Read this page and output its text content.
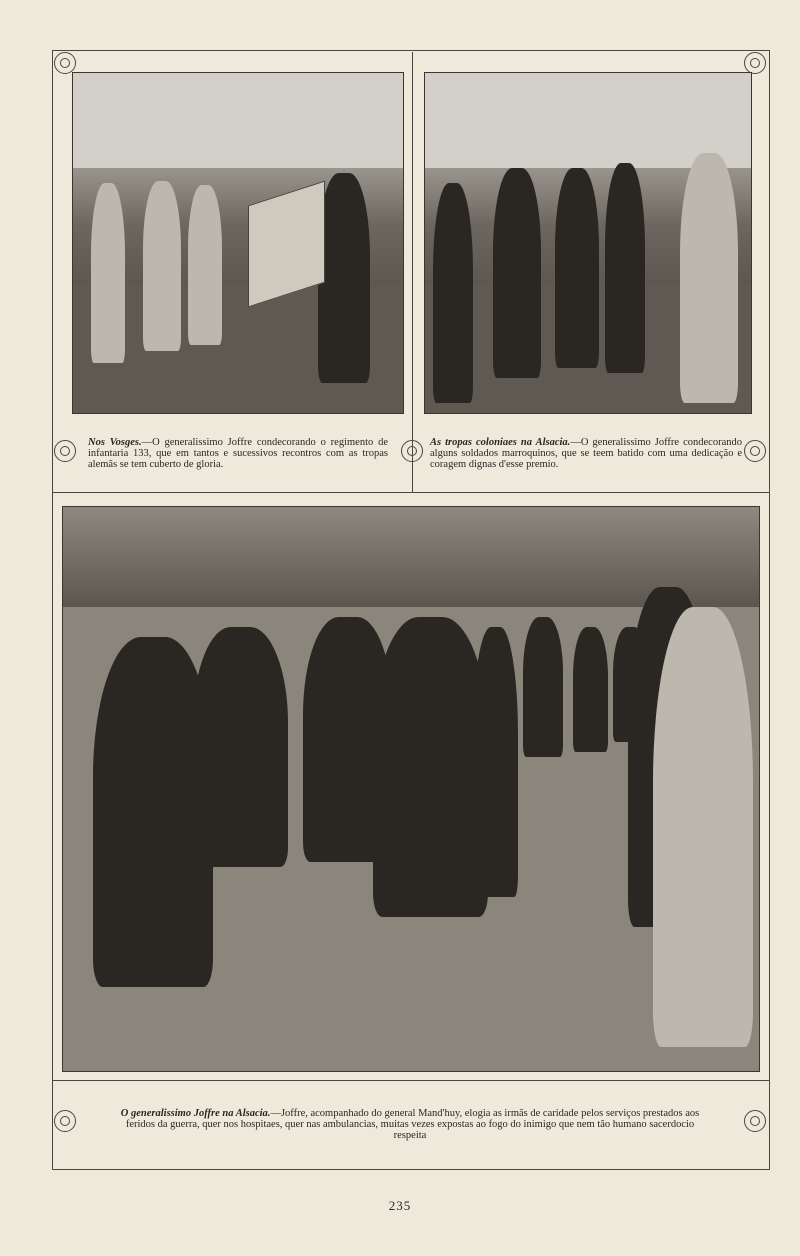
Nos Vosges.—O generalissimo Joffre condecorando o regimento de infantaria 133, que em tantos e sucessivos recontros com as tropas alemãs se tem cuberto de gloria.
As tropas coloniaes na Alsacia.—O generalissimo Joffre condecorando alguns soldados marroquinos, que se teem batido com uma dedicação e coragem dignas d'esse premio.
O generalissimo Joffre na Alsacia.—Joffre, acompanhado do general Mand'huy, elogia as irmãs de caridade pelos serviços prestados aos feridos da guerra, quer nos hospitaes, quer nas ambulancias, muitas vezes expostas ao fogo do inimigo que nem tão humano sacerdocio respeita
235
